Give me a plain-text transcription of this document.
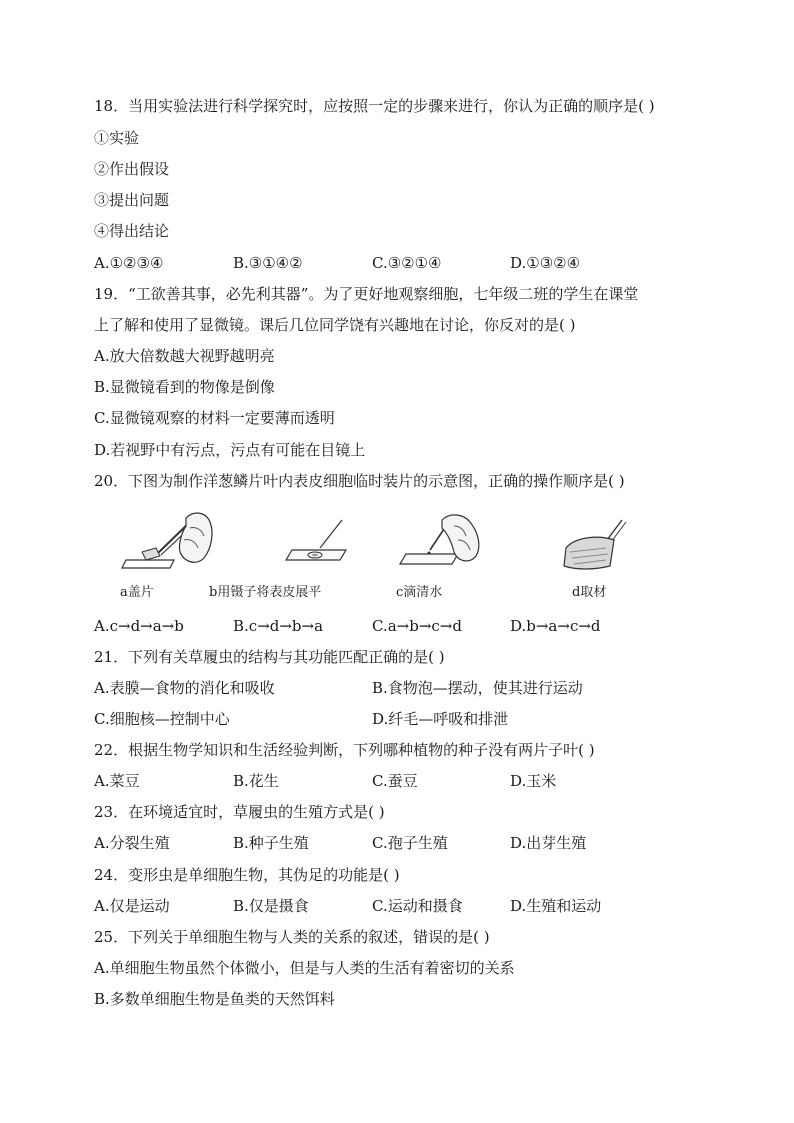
18．当用实验法进行科学探究时，应按照一定的步骤来进行，你认为正确的顺序是( )
①实验
②作出假设
③提出问题
④得出结论
A.①②③④	B.③①④②	C.③②①④	D.①③②④
19．“工欲善其事，必先利其器”。为了更好地观察细胞，七年级二班的学生在课堂
上了解和使用了显微镜。课后几位同学饶有兴趣地在讨论，你反对的是( )
A.放大倍数越大视野越明亮
B.显微镜看到的物像是倒像
C.显微镜观察的材料一定要薄而透明
D.若视野中有污点，污点有可能在目镜上
20．下图为制作洋葱鳞片叶内表皮细胞临时装片的示意图，正确的操作顺序是( )
a盖片	b用镊子将表皮展平	c滴清水	d取材
A.c→d→a→b	B.c→d→b→a	C.a→b→c→d	D.b→a→c→d
21．下列有关草履虫的结构与其功能匹配正确的是( )
A.表膜—食物的消化和吸收	B.食物泡—摆动，使其进行运动
C.细胞核—控制中心	D.纤毛—呼吸和排泄
22．根据生物学知识和生活经验判断，下列哪种植物的种子没有两片子叶( )
A.菜豆	B.花生	C.蚕豆	D.玉米
23．在环境适宜时，草履虫的生殖方式是( )
A.分裂生殖	B.种子生殖	C.孢子生殖	D.出芽生殖
24．变形虫是单细胞生物，其伪足的功能是( )
A.仅是运动	B.仅是摄食	C.运动和摄食	D.生殖和运动
25．下列关于单细胞生物与人类的关系的叙述，错误的是( )
A.单细胞生物虽然个体微小，但是与人类的生活有着密切的关系
B.多数单细胞生物是鱼类的天然饵料
